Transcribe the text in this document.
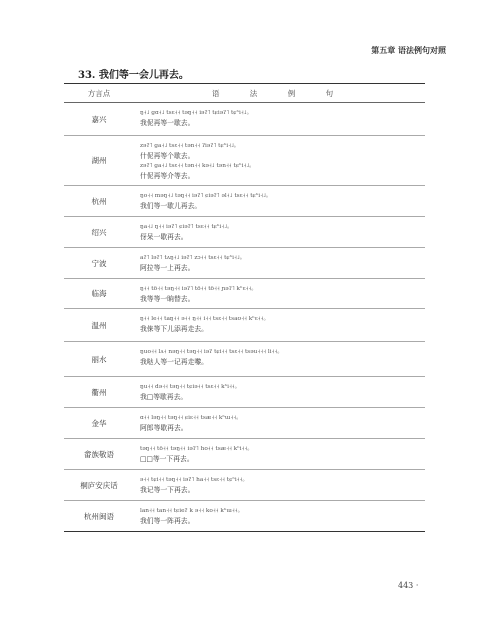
第五章 语法例句对照
33. 我们等一会儿再去。
方言点	语 法 例 句
嘉兴
ŋ˧˩ ɡɑ˧˩ tsɛ˧˧ təŋ˧˧ iəʔ˥ tɕiəʔ˥ tɕʰi˧˩。
我伲再等一歇去。
湖州
zəʔ˥ ɡa˧˩ tsɛ˧˧ tən˧˧ ʔiəʔ˥ tɕʰi˧˩。
什伲再等个歇去。
zəʔ˥ ɡa˧˩ tsɛ˧˧ tən˧˧ kə˧˩ tən˧˧ tɕʰi˧˩。
什伲再等介等去。
杭州
ŋo˧˧ məŋ˧˩ təŋ˧˧ iəʔ˥ ɕiəʔ˥ əl˧˩ tsɛ˧˧ tɕʰi˧˩。
我们等一歇儿再去。
绍兴
ŋa˧˩ ŋ˧˧ iəʔ˥ ɕiəʔ˥ tsɛ˧˧ tɕʰi˧˩。
伢呆一歇再去。
宁波
aʔ˥ ləʔ˥ tʌŋ˧˩ iəʔ˥ zɔ˧˧ tsɛ˧˧ tɕʰi˧˩。
阿拉等一上再去。
临海	ŋ˧˧ tö˧˧ təŋ˧˧ iəʔ˥ tö˧˧ tö˧˧ ɲəʔ˥ kʰɛ˧˧。
我等等一晌替去。
温州
ŋ˧˧ le˧˧ taŋ˧˧ ə˧˧ ŋ˧˧ i˧˧ tsɛ˧˧ tsaʊ˧˧ kʰɛ˧˧。
我俫等下儿添再走去。
丽水
ŋuo˧˧ lʌ˧ nəŋ˧˧ təŋ˧˧ iəʔ tɕi˧˧ tsɛ˧˧ tsəu˧˧˧ li˧˧。
我哒人等一记再走嚟。
衢州
ŋu˧˧ də˧˧ təŋ˧˧ tɕiə˧˧ tsɛ˧˧ kʰi˧˧。
我□等歇再去。
金华
ɑ˧˧ ləŋ˧˧ təŋ˧˧ ɕiɛ˧˧ tsæ˧˧ kʰɯ˧˧。
阿郎等歇再去。
畲族敬语
təŋ˧˧ tö˧˧ təŋ˧˧ iəʔ˥ ho˧˧ tsæ˧˧ kʰi˧˧。
□□等一下再去。
桐庐安庆话
ə˧˧ tɕi˧˧ təŋ˧˧ iəʔ˥ ha˧˧ tsɛ˧˧ tɕʰi˧˧。
我记等一下再去。
杭州闽语
lan˧˧ tan˧˧ tɕieʔ k ə˧˧ ko˧˧ kʰɯ˧˧。
我们等一阵再去。
443 ·
